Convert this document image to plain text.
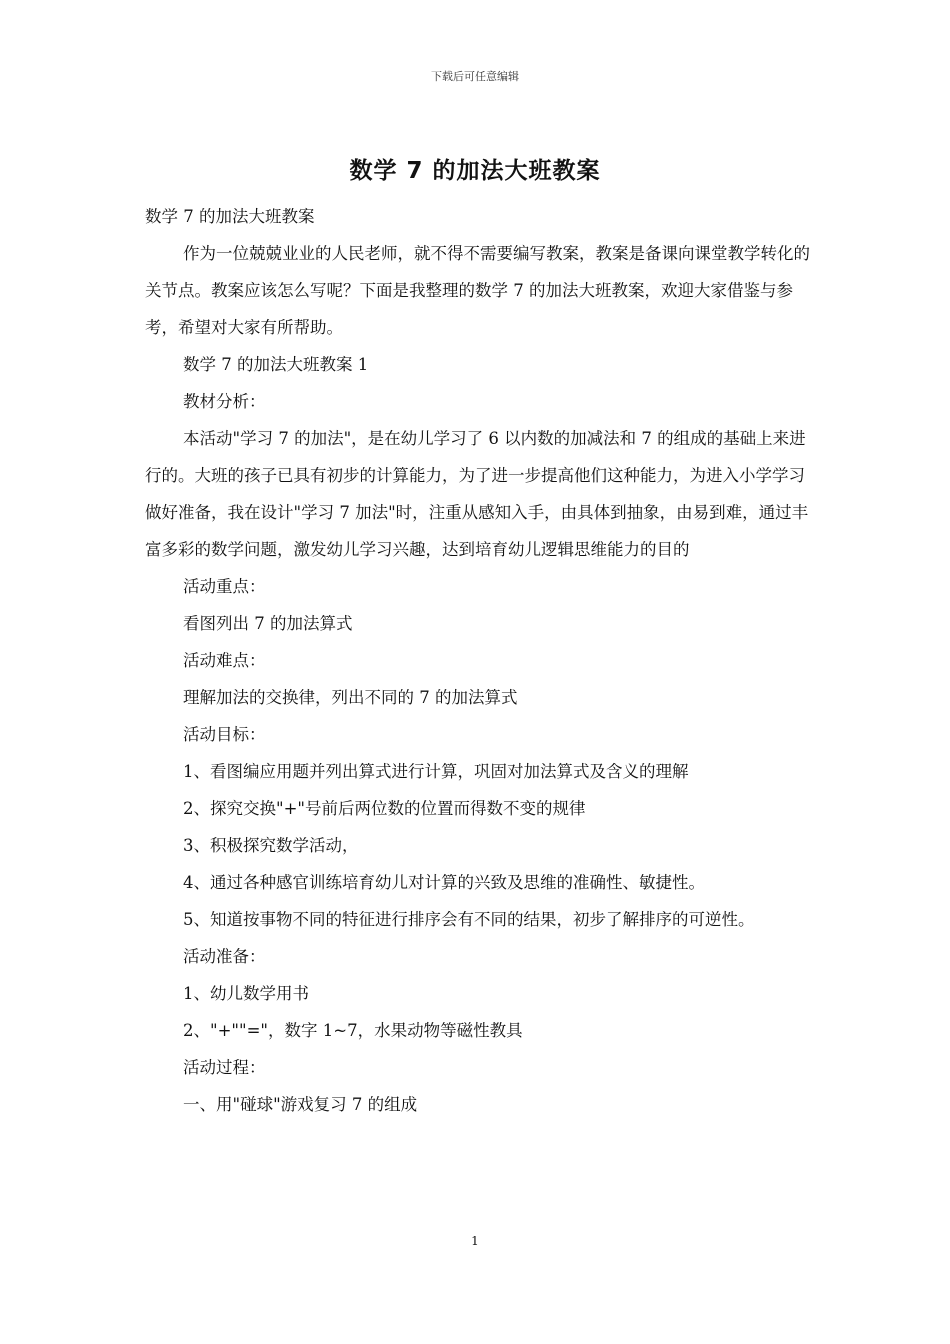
下载后可任意编辑
数学 7 的加法大班教案

数学 7 的加法大班教案

作为一位兢兢业业的人民老师，就不得不需要编写教案，教案是备课向课堂教学转化的关节点。教案应该怎么写呢？下面是我整理的数学 7 的加法大班教案，欢迎大家借鉴与参考，希望对大家有所帮助。

数学 7 的加法大班教案 1

教材分析：

本活动"学习 7 的加法"，是在幼儿学习了 6 以内数的加减法和 7 的组成的基础上来进行的。大班的孩子已具有初步的计算能力，为了进一步提高他们这种能力，为进入小学学习做好准备，我在设计"学习 7 加法"时，注重从感知入手，由具体到抽象，由易到难，通过丰富多彩的数学问题，激发幼儿学习兴趣，达到培育幼儿逻辑思维能力的目的

活动重点：

看图列出 7 的加法算式

活动难点：

理解加法的交换律，列出不同的 7 的加法算式

活动目标：

1、看图编应用题并列出算式进行计算，巩固对加法算式及含义的理解

2、探究交换"+"号前后两位数的位置而得数不变的规律

3、积极探究数学活动，

4、通过各种感官训练培育幼儿对计算的兴致及思维的准确性、敏捷性。

5、知道按事物不同的特征进行排序会有不同的结果，初步了解排序的可逆性。

活动准备：

1、幼儿数学用书

2、"+""="，数字 1~7，水果动物等磁性教具

活动过程：

一、用"碰球"游戏复习 7 的组成

1
